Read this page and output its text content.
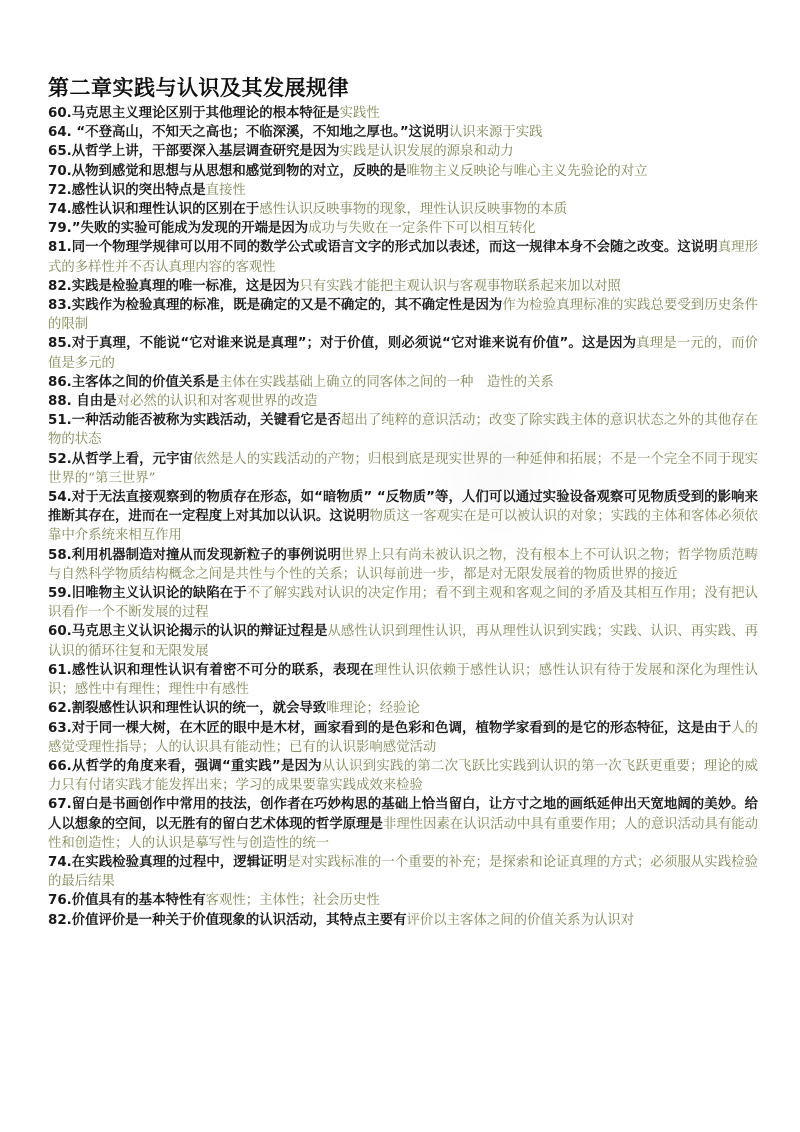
第二章实践与认识及其发展规律

60.马克思主义理论区别于其他理论的根本特征是实践性

64. “不登高山，不知天之高也；不临深溪，不知地之厚也。”这说明认识来源于实践

65.从哲学上讲，干部要深入基层调查研究是因为实践是认识发展的源泉和动力

70.从物到感觉和思想与从思想和感觉到物的对立，反映的是唯物主义反映论与唯心主义先验论的对立

72.感性认识的突出特点是直接性

74.感性认识和理性认识的区别在于感性认识反映事物的现象，理性认识反映事物的本质

79.”失败的实验可能成为发现的开端是因为成功与失败在一定条件下可以相互转化

81.同一个物理学规律可以用不同的数学公式或语言文字的形式加以表述，而这一规律本身不会随之改变。这说明真理形式的多样性并不否认真理内容的客观性

82.实践是检验真理的唯一标准，这是因为只有实践才能把主观认识与客观事物联系起来加以对照

83.实践作为检验真理的标准，既是确定的又是不确定的，其不确定性是因为作为检验真理标准的实践总要受到历史条件的限制

85.对于真理，不能说“它对谁来说是真理”；对于价值，则必须说“它对谁来说有价值”。这是因为真理是一元的，而价值是多元的

86.主客体之间的价值关系是主体在实践基础上确立的同客体之间的一种　造性的关系

88. 自由是对必然的认识和对客观世界的改造

51.一种活动能否被称为实践活动，关键看它是否超出了纯粹的意识活动；改变了除实践主体的意识状态之外的其他存在物的状态

52.从哲学上看，元宇宙依然是人的实践活动的产物；归根到底是现实世界的一种延伸和拓展；不是一个完全不同于现实世界的“第三世界”

54.对于无法直接观察到的物质存在形态，如“暗物质” “反物质”等，人们可以通过实验设备观察可见物质受到的影响来推断其存在，进而在一定程度上对其加以认识。这说明物质这一客观实在是可以被认识的对象；实践的主体和客体必须依靠中介系统来相互作用

58.利用机器制造对撞从而发现新粒子的事例说明世界上只有尚未被认识之物，没有根本上不可认识之物；哲学物质范畴与自然科学物质结构概念之间是共性与个性的关系；认识每前进一步，都是对无限发展着的物质世界的接近

59.旧唯物主义认识论的缺陷在于不了解实践对认识的决定作用；看不到主观和客观之间的矛盾及其相互作用；没有把认识看作一个不断发展的过程

60.马克思主义认识论揭示的认识的辩证过程是从感性认识到理性认识，再从理性认识到实践；实践、认识、再实践、再认识的循环往复和无限发展

61.感性认识和理性认识有着密不可分的联系，表现在理性认识依赖于感性认识；感性认识有待于发展和深化为理性认识；感性中有理性；理性中有感性

62.割裂感性认识和理性认识的统一，就会导致唯理论；经验论

63.对于同一棵大树，在木匠的眼中是木材，画家看到的是色彩和色调，植物学家看到的是它的形态特征，这是由于人的感觉受理性指导；人的认识具有能动性；已有的认识影响感觉活动

66.从哲学的角度来看，强调“重实践”是因为从认识到实践的第二次飞跃比实践到认识的第一次飞跃更重要；理论的威力只有付诸实践才能发挥出来；学习的成果要靠实践成效来检验

67.留白是书画创作中常用的技法，创作者在巧妙构思的基础上恰当留白，让方寸之地的画纸延伸出天宽地阔的美妙。给人以想象的空间，以无胜有的留白艺术体现的哲学原理是非理性因素在认识活动中具有重要作用；人的意识活动具有能动性和创造性；人的认识是摹写性与创造性的统一

74.在实践检验真理的过程中，逻辑证明是对实践标准的一个重要的补充；是探索和论证真理的方式；必须服从实践检验的最后结果

76.价值具有的基本特性有客观性；主体性；社会历史性

82.价值评价是一种关于价值现象的认识活动，其特点主要有评价以主客体之间的价值关系为认识对
